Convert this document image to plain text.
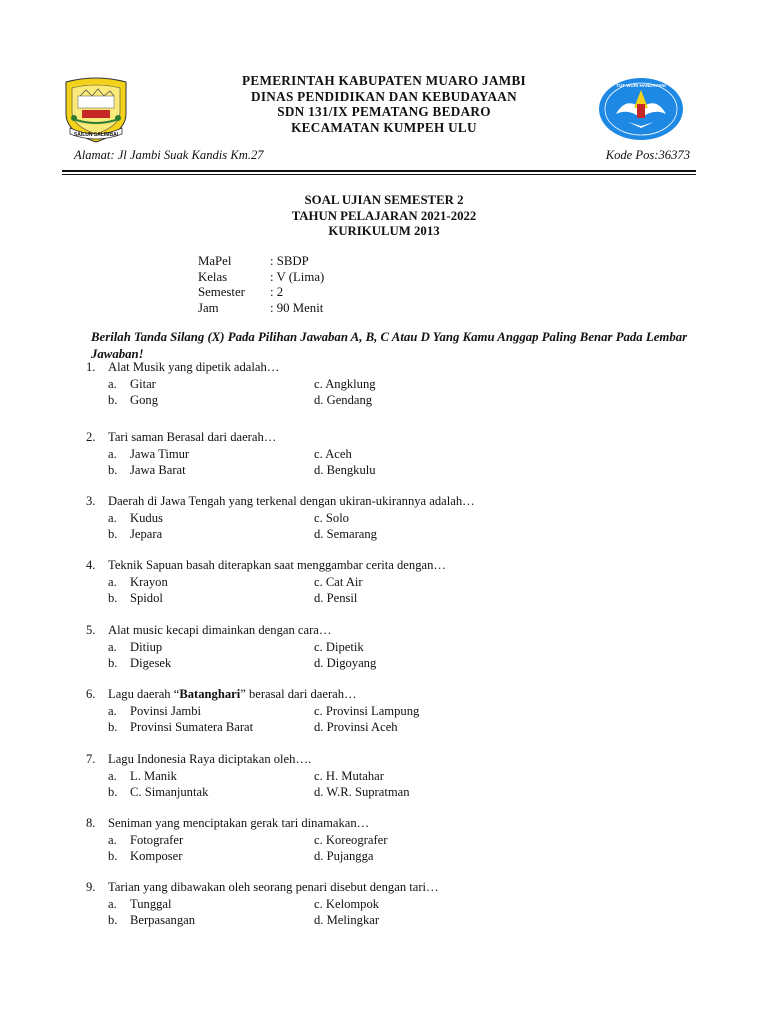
SAILUN SALIMBAI
PEMERINTAH KABUPATEN MUARO JAMBI
DINAS PENDIDIKAN DAN KEBUDAYAAN
SDN 131/IX PEMATANG BEDARO
KECAMATAN KUMPEH ULU
TUT WURI HANDAYANI
Alamat: Jl Jambi Suak Kandis Km.27	Kode Pos:36373
SOAL UJIAN SEMESTER 2
TAHUN PELAJARAN 2021-2022
KURIKULUM 2013
MaPel	: SBDP
Kelas	: V (Lima)
Semester : 2
Jam	: 90 Menit
Berilah Tanda Silang (X) Pada Pilihan Jawaban A, B, C Atau D Yang Kamu Anggap Paling Benar Pada Lembar Jawaban!
1. Alat Musik yang dipetik adalah…
a. Gitar
b. Gong
c. Angklung
d. Gendang
2. Tari saman Berasal dari daerah…
a. Jawa Timur
b. Jawa Barat
c. Aceh
d. Bengkulu
3. Daerah di Jawa Tengah yang terkenal dengan ukiran-ukirannya adalah…
a. Kudus
b. Jepara
c. Solo
d. Semarang
4. Teknik Sapuan basah diterapkan saat menggambar cerita dengan…
a. Krayon
b. Spidol
c. Cat Air
d. Pensil
5. Alat music kecapi dimainkan dengan cara…
a. Ditiup
b. Digesek
c. Dipetik
d. Digoyang
6. Lagu daerah “Batanghari” berasal dari daerah…
a. Povinsi Jambi
b. Provinsi Sumatera Barat
c. Provinsi Lampung
d. Provinsi Aceh
7. Lagu Indonesia Raya diciptakan oleh….
a. L. Manik
b. C. Simanjuntak
c. H. Mutahar
d. W.R. Supratman
8. Seniman yang menciptakan gerak tari dinamakan…
a. Fotografer
b. Komposer
c. Koreografer
d. Pujangga
9. Tarian yang dibawakan oleh seorang penari disebut dengan tari…
a. Tunggal
b. Berpasangan
c. Kelompok
d. Melingkar
